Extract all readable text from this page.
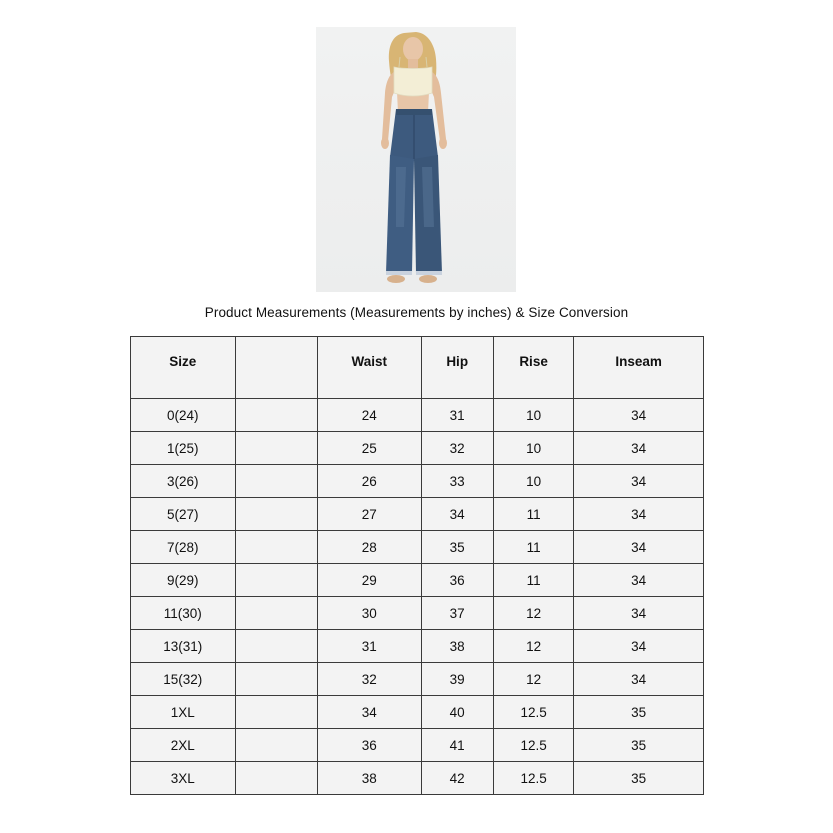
Product Measurements (Measurements by inches) & Size Conversion
Size		Waist	Hip	Rise	Inseam
0(24)		24	31	10	34
1(25)		25	32	10	34
3(26)		26	33	10	34
5(27)		27	34	11	34
7(28)		28	35	11	34
9(29)		29	36	11	34
11(30)		30	37	12	34
13(31)		31	38	12	34
15(32)		32	39	12	34
1XL		34	40	12.5	35
2XL		36	41	12.5	35
3XL		38	42	12.5	35
